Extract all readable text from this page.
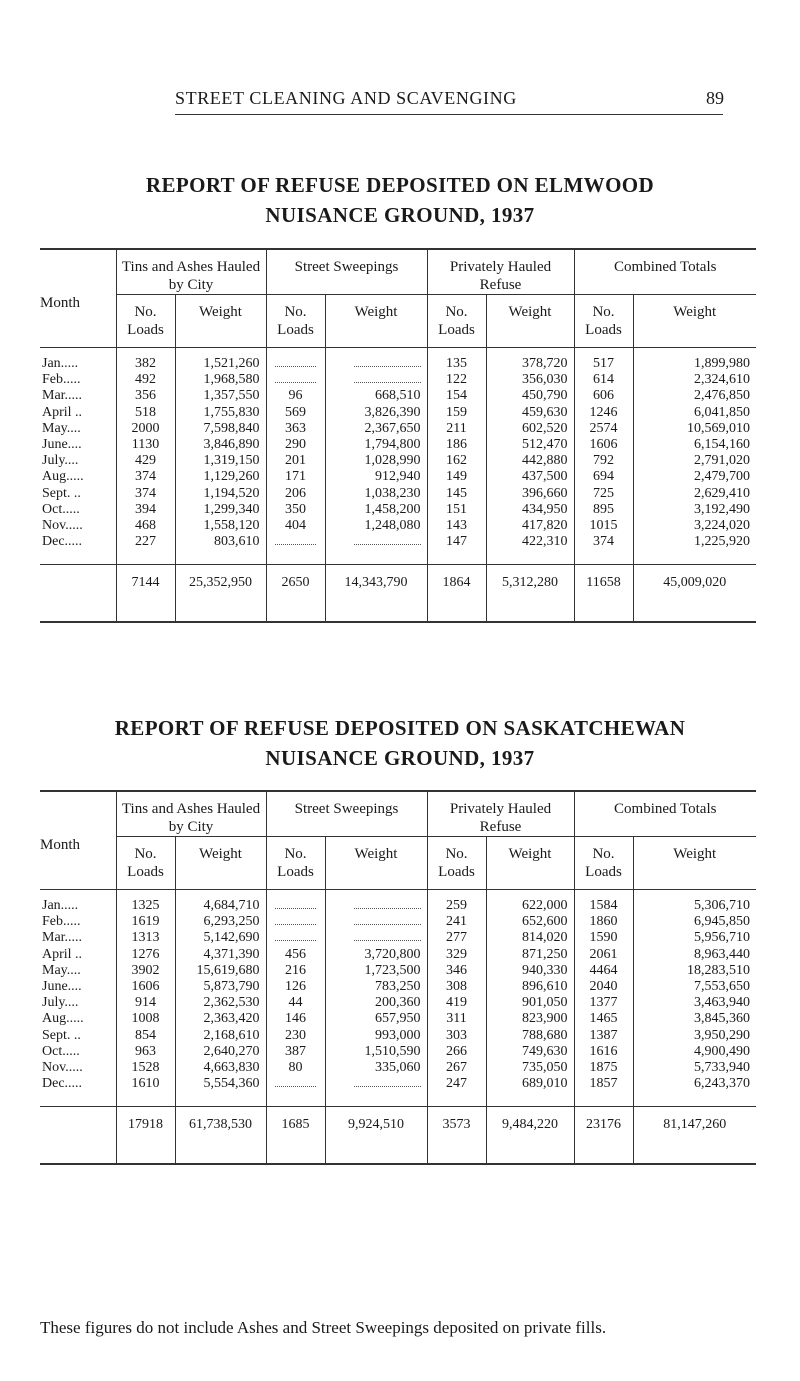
STREET CLEANING AND SCAVENGING	89
REPORT OF REFUSE DEPOSITED ON ELMWOOD
NUISANCE GROUND, 1937

Month	Tins and Ashes Hauled by City		Street Sweepings		Privately Hauled Refuse		Combined Totals	
	No. Loads	Weight	No. Loads	Weight	No. Loads	Weight	No. Loads	Weight

Jan.....	382	1,521,260			135	378,720	517	1,899,980
Feb.....	492	1,968,580			122	356,030	614	2,324,610
Mar.....	356	1,357,550	96	668,510	154	450,790	606	2,476,850
April ..	518	1,755,830	569	3,826,390	159	459,630	1246	6,041,850
May....	2000	7,598,840	363	2,367,650	211	602,520	2574	10,569,010
June....	1130	3,846,890	290	1,794,800	186	512,470	1606	6,154,160
July....	429	1,319,150	201	1,028,990	162	442,880	792	2,791,020
Aug.....	374	1,129,260	171	912,940	149	437,500	694	2,479,700
Sept. ..	374	1,194,520	206	1,038,230	145	396,660	725	2,629,410
Oct.....	394	1,299,340	350	1,458,200	151	434,950	895	3,192,490
Nov.....	468	1,558,120	404	1,248,080	143	417,820	1015	3,224,020
Dec.....	227	803,610			147	422,310	374	1,225,920

	7144	25,352,950	2650	14,343,790	1864	5,312,280	11658	45,009,020

REPORT OF REFUSE DEPOSITED ON SASKATCHEWAN
NUISANCE GROUND, 1937

Month	Tins and Ashes Hauled by City		Street Sweepings		Privately Hauled Refuse		Combined Totals	
	No. Loads	Weight	No. Loads	Weight	No. Loads	Weight	No. Loads	Weight

Jan.....	1325	4,684,710			259	622,000	1584	5,306,710
Feb.....	1619	6,293,250			241	652,600	1860	6,945,850
Mar.....	1313	5,142,690			277	814,020	1590	5,956,710
April ..	1276	4,371,390	456	3,720,800	329	871,250	2061	8,963,440
May....	3902	15,619,680	216	1,723,500	346	940,330	4464	18,283,510
June....	1606	5,873,790	126	783,250	308	896,610	2040	7,553,650
July....	914	2,362,530	44	200,360	419	901,050	1377	3,463,940
Aug.....	1008	2,363,420	146	657,950	311	823,900	1465	3,845,360
Sept. ..	854	2,168,610	230	993,000	303	788,680	1387	3,950,290
Oct.....	963	2,640,270	387	1,510,590	266	749,630	1616	4,900,490
Nov.....	1528	4,663,830	80	335,060	267	735,050	1875	5,733,940
Dec.....	1610	5,554,360			247	689,010	1857	6,243,370

	17918	61,738,530	1685	9,924,510	3573	9,484,220	23176	81,147,260

These figures do not include Ashes and Street Sweepings deposited on private fills.
